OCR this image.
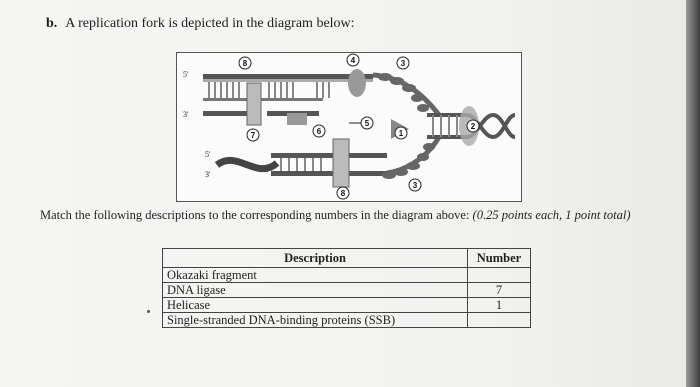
b. A replication fork is depicted in the diagram below:
8	4	3
7	6
5
1
2
3
8
5'
3'
5'
3'
Match the following descriptions to the corresponding numbers in the diagram above: (0.25 points each, 1 point total)
Description	Number
Okazaki fragment	
DNA ligase	7
Helicase	1
Single-stranded DNA-binding proteins (SSB)	
